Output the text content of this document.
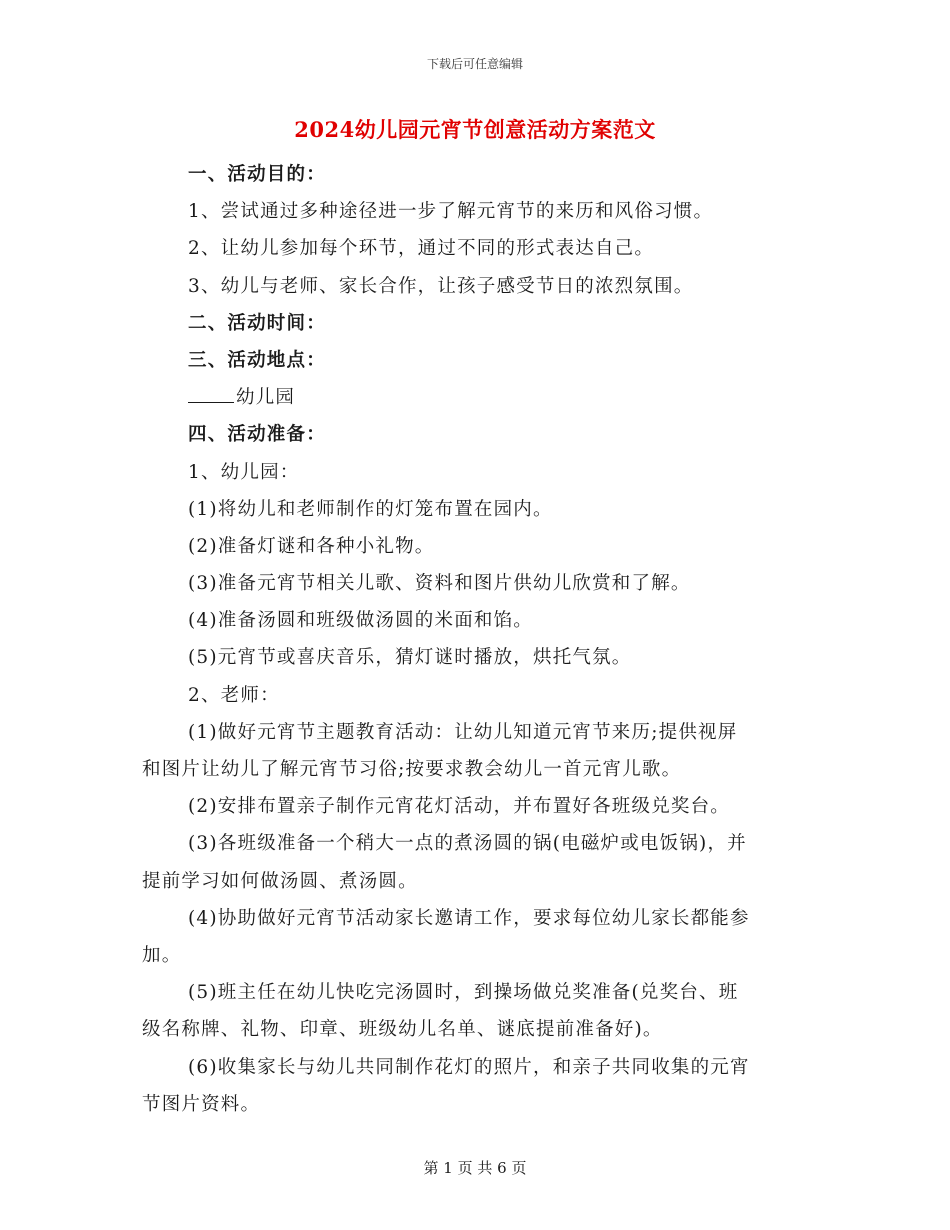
下载后可任意编辑
2024幼儿园元宵节创意活动方案范文
一、活动目的：
1、尝试通过多种途径进一步了解元宵节的来历和风俗习惯。
2、让幼儿参加每个环节，通过不同的形式表达自己。
3、幼儿与老师、家长合作，让孩子感受节日的浓烈氛围。
二、活动时间：
三、活动地点：
幼儿园
四、活动准备：
1、幼儿园：
(1)将幼儿和老师制作的灯笼布置在园内。
(2)准备灯谜和各种小礼物。
(3)准备元宵节相关儿歌、资料和图片供幼儿欣赏和了解。
(4)准备汤圆和班级做汤圆的米面和馅。
(5)元宵节或喜庆音乐，猜灯谜时播放，烘托气氛。
2、老师：
(1)做好元宵节主题教育活动：让幼儿知道元宵节来历;提供视屏
和图片让幼儿了解元宵节习俗;按要求教会幼儿一首元宵儿歌。
(2)安排布置亲子制作元宵花灯活动，并布置好各班级兑奖台。
(3)各班级准备一个稍大一点的煮汤圆的锅(电磁炉或电饭锅)，并
提前学习如何做汤圆、煮汤圆。
(4)协助做好元宵节活动家长邀请工作，要求每位幼儿家长都能参
加。
(5)班主任在幼儿快吃完汤圆时，到操场做兑奖准备(兑奖台、班
级名称牌、礼物、印章、班级幼儿名单、谜底提前准备好)。
(6)收集家长与幼儿共同制作花灯的照片，和亲子共同收集的元宵
节图片资料。
第 1 页 共 6 页
